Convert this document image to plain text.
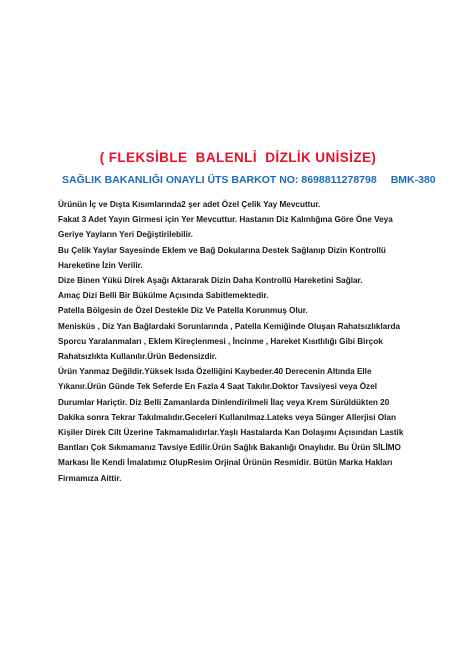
( FLEKSİBLE  BALENLİ  DİZLİK UNİSİZE)

SAĞLIK BAKANLIĞI ONAYLI ÜTS BARKOT NO: 8698811278798 BMK-380

Ürünün İç ve Dışta Kısımlarında2 şer adet Özel Çelik Yay Mevcuttur.
Fakat 3 Adet Yayın Girmesi için Yer Mevcuttur. Hastanın Diz Kalınlığına Göre Öne Veya
Geriye Yayların Yeri Değiştirilebilir.
Bu Çelik Yaylar Sayesinde Eklem ve Bağ Dokularına Destek Sağlanıp Dizin Kontrollü
Hareketine İzin Verilir.
Dize Binen Yükü Direk Aşağı Aktararak Dizin Daha Kontrollü Hareketini Sağlar.
Amaç Dizi Belli Bir Bükülme Açısında Sabitlemektedir.
Patella Bölgesin de Özel Destekle Diz Ve Patella Korunmuş Olur.
Menisküs , Diz Yan Bağlardaki Sorunlarında , Patella Kemiğinde Oluşan Rahatsızlıklarda
Sporcu Yaralanmaları , Eklem Kireçlenmesi , İncinme , Hareket Kısıtlılığı Gibi Birçok
Rahatsızlıkta Kullanılır.Ürün Bedensizdir.
Ürün Yanmaz Değildir.Yüksek Isıda Özelliğini Kaybeder.40 Derecenin Altında Elle
Yıkanır.Ürün Günde Tek Seferde En Fazla 4 Saat Takılır.Doktor Tavsiyesi veya Özel
Durumlar Hariçtir. Diz Belli Zamanlarda Dinlendirilmeli İlaç veya Krem Sürüldükten 20
Dakika sonra Tekrar Takılmalıdır.Geceleri Kullanılmaz.Lateks veya Sünger Allerjisi Olan
Kişiler Direk Cilt Üzerine Takmamalıdırlar.Yaşlı Hastalarda Kan Dolaşımı Açısından Lastik
Bantları Çok Sıkmamanız Tavsiye Edilir.Ürün Sağlık Bakanlığı Onaylıdır. Bu Ürün SİLİMO
Markası İle Kendi İmalatımız OlupResim Orjinal Ürünün Resmidir. Bütün Marka Hakları
Firmamıza Aittir.
